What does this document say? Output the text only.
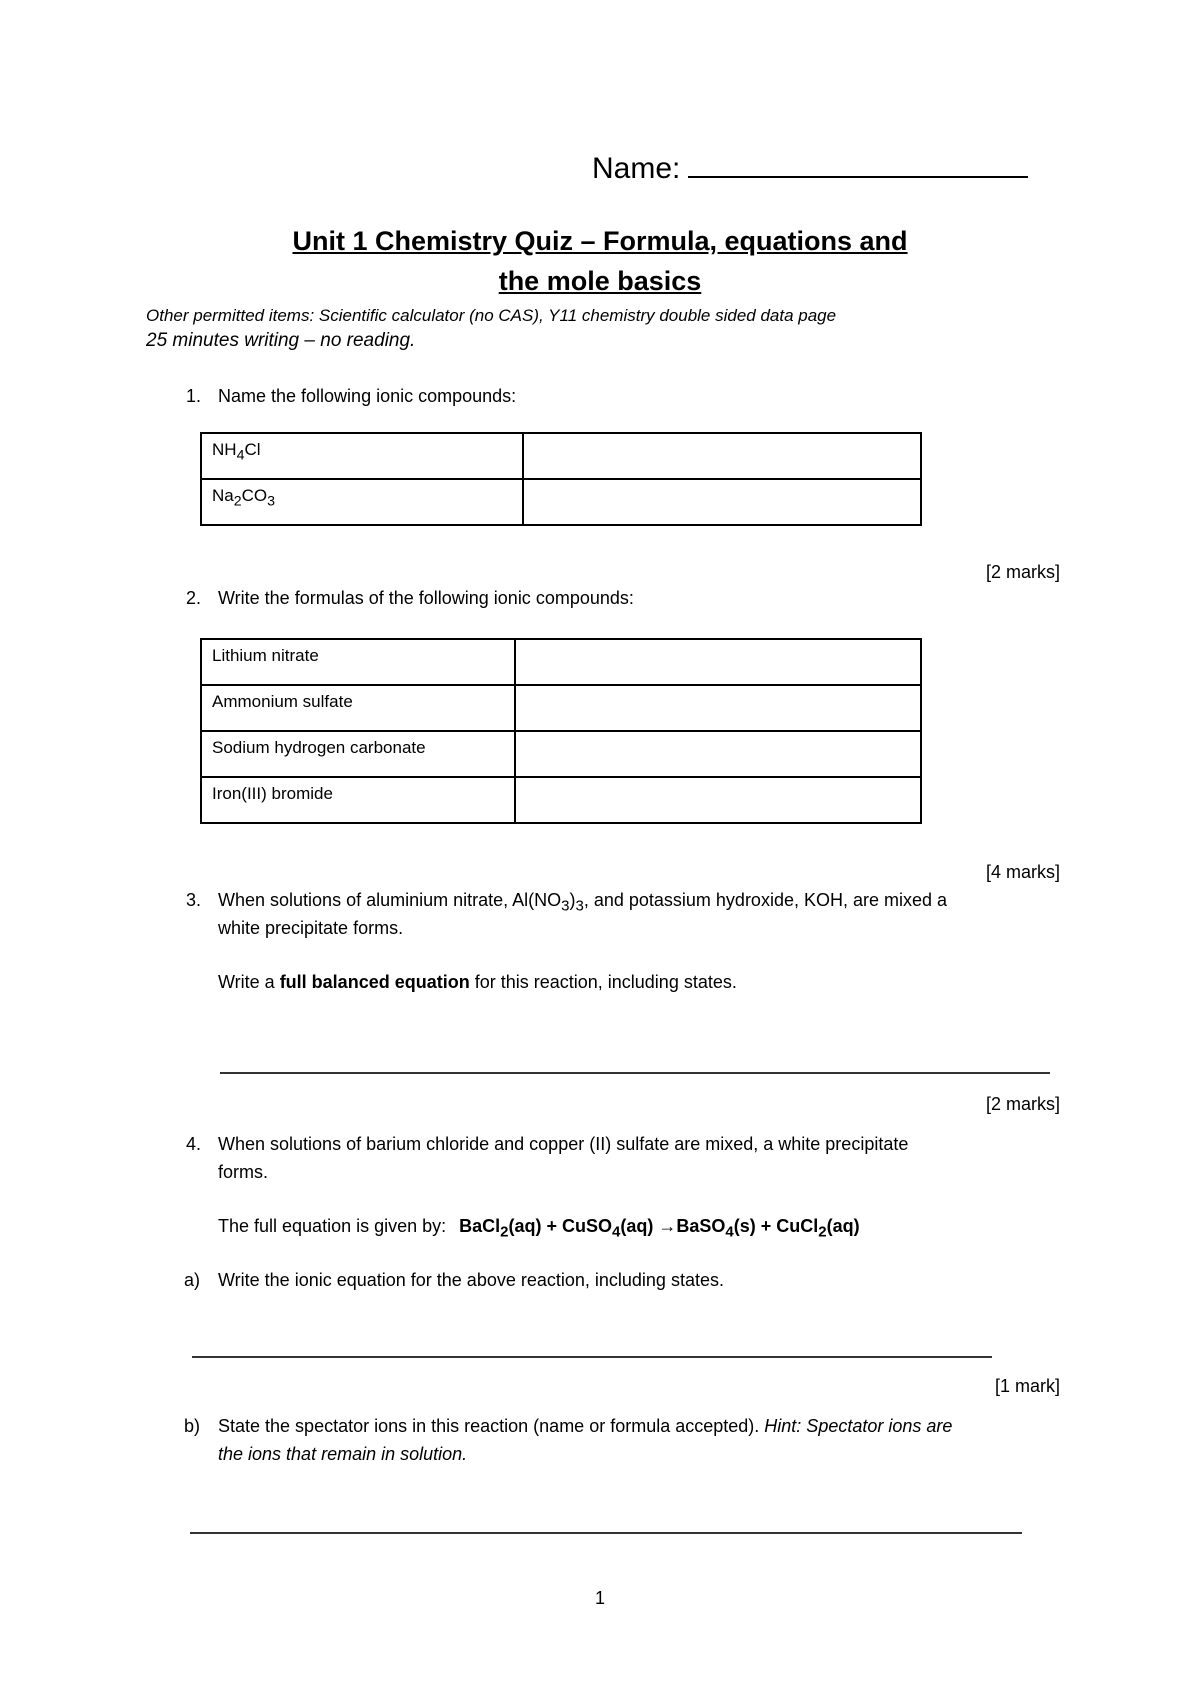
Name:
Unit 1 Chemistry Quiz – Formula, equations and
the mole basics
Other permitted items: Scientific calculator (no CAS), Y11 chemistry double sided data page
25 minutes writing – no reading.
1. Name the following ionic compounds:
$NH_4Cl$	

$Na_2CO_3$

[2 marks]
2. Write the formulas of the following ionic compounds:
Lithium nitrate	

Ammonium sulfate	

Sodium hydrogen carbonate	

Iron(III) bromide	

[4 marks]
3. When solutions of aluminium nitrate, $Al(NO_3)_3$, and potassium hydroxide, KOH, are mixed a
white precipitate forms.
Write a full balanced equation for this reaction, including states.
[2 marks]
4. When solutions of barium chloride and copper (II) sulfate are mixed, a white precipitate
forms.
The full equation is given by: BaCl$_2$(aq) + CuSO$_4$(aq) →BaSO$_4$(s) + CuCl$_2$(aq)
a) Write the ionic equation for the above reaction, including states.
[1 mark]
b) State the spectator ions in this reaction (name or formula accepted). Hint: Spectator ions are
the ions that remain in solution.
1
